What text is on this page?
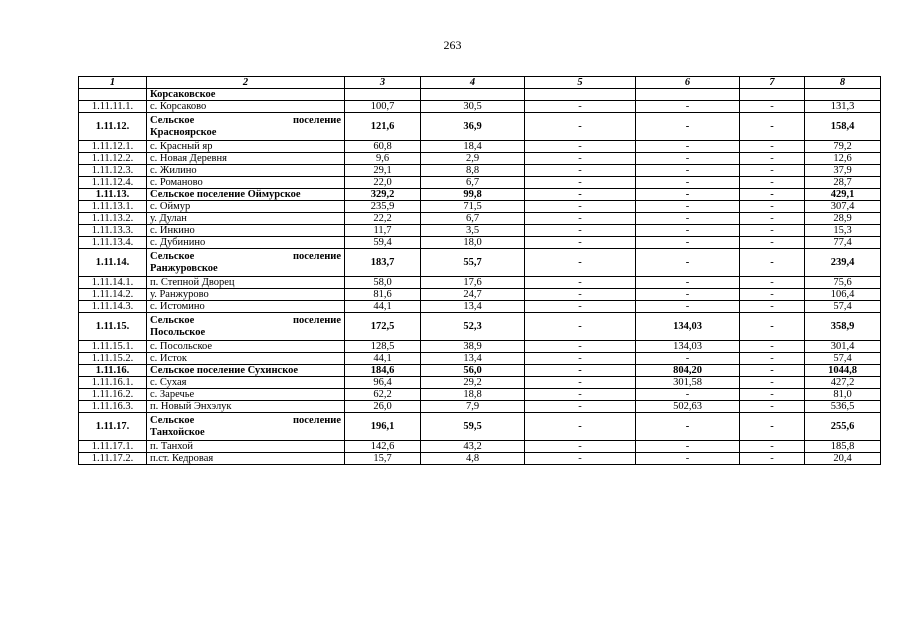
263
1	2	3	4	5	6	7	8
	Корсаковское						
1.11.11.1.	с. Корсаково	100,7	30,5	-	-	-	131,3
1.11.12.	Сельское поселение
Красноярское	121,6	36,9	-	-	-	158,4
1.11.12.1.	с. Красный яр	60,8	18,4	-	-	-	79,2
1.11.12.2.	с. Новая Деревня	9,6	2,9	-	-	-	12,6
1.11.12.3.	с. Жилино	29,1	8,8	-	-	-	37,9
1.11.12.4.	с. Романово	22,0	6,7	-	-	-	28,7
1.11.13.	Сельское поселение Оймурское	329,2	99,8	-	-	-	429,1
1.11.13.1.	с. Оймур	235,9	71,5	-	-	-	307,4
1.11.13.2.	у. Дулан	22,2	6,7	-	-	-	28,9
1.11.13.3.	с. Инкино	11,7	3,5	-	-	-	15,3
1.11.13.4.	с. Дубинино	59,4	18,0	-	-	-	77,4
1.11.14.	Сельское поселение
Ранжуровское	183,7	55,7	-	-	-	239,4
1.11.14.1.	п. Степной Дворец	58,0	17,6	-	-	-	75,6
1.11.14.2.	у. Ранжурово	81,6	24,7	-	-	-	106,4
1.11.14.3.	с. Истомино	44,1	13,4	-	-	-	57,4
1.11.15.	Сельское поселение
Посольское	172,5	52,3	-	134,03	-	358,9
1.11.15.1.	с. Посольское	128,5	38,9	-	134,03	-	301,4
1.11.15.2.	с. Исток	44,1	13,4	-	-	-	57,4
1.11.16.	Сельское поселение Сухинское	184,6	56,0	-	804,20	-	1044,8
1.11.16.1.	с. Сухая	96,4	29,2	-	301,58	-	427,2
1.11.16.2.	с. Заречье	62,2	18,8	-	-	-	81,0
1.11.16.3.	п. Новый Энхэлук	26,0	7,9	-	502,63	-	536,5
1.11.17.	Сельское поселение
Танхойское	196,1	59,5	-	-	-	255,6
1.11.17.1.	п. Танхой	142,6	43,2	-	-	-	185,8
1.11.17.2.	п.ст. Кедровая	15,7	4,8	-	-	-	20,4
